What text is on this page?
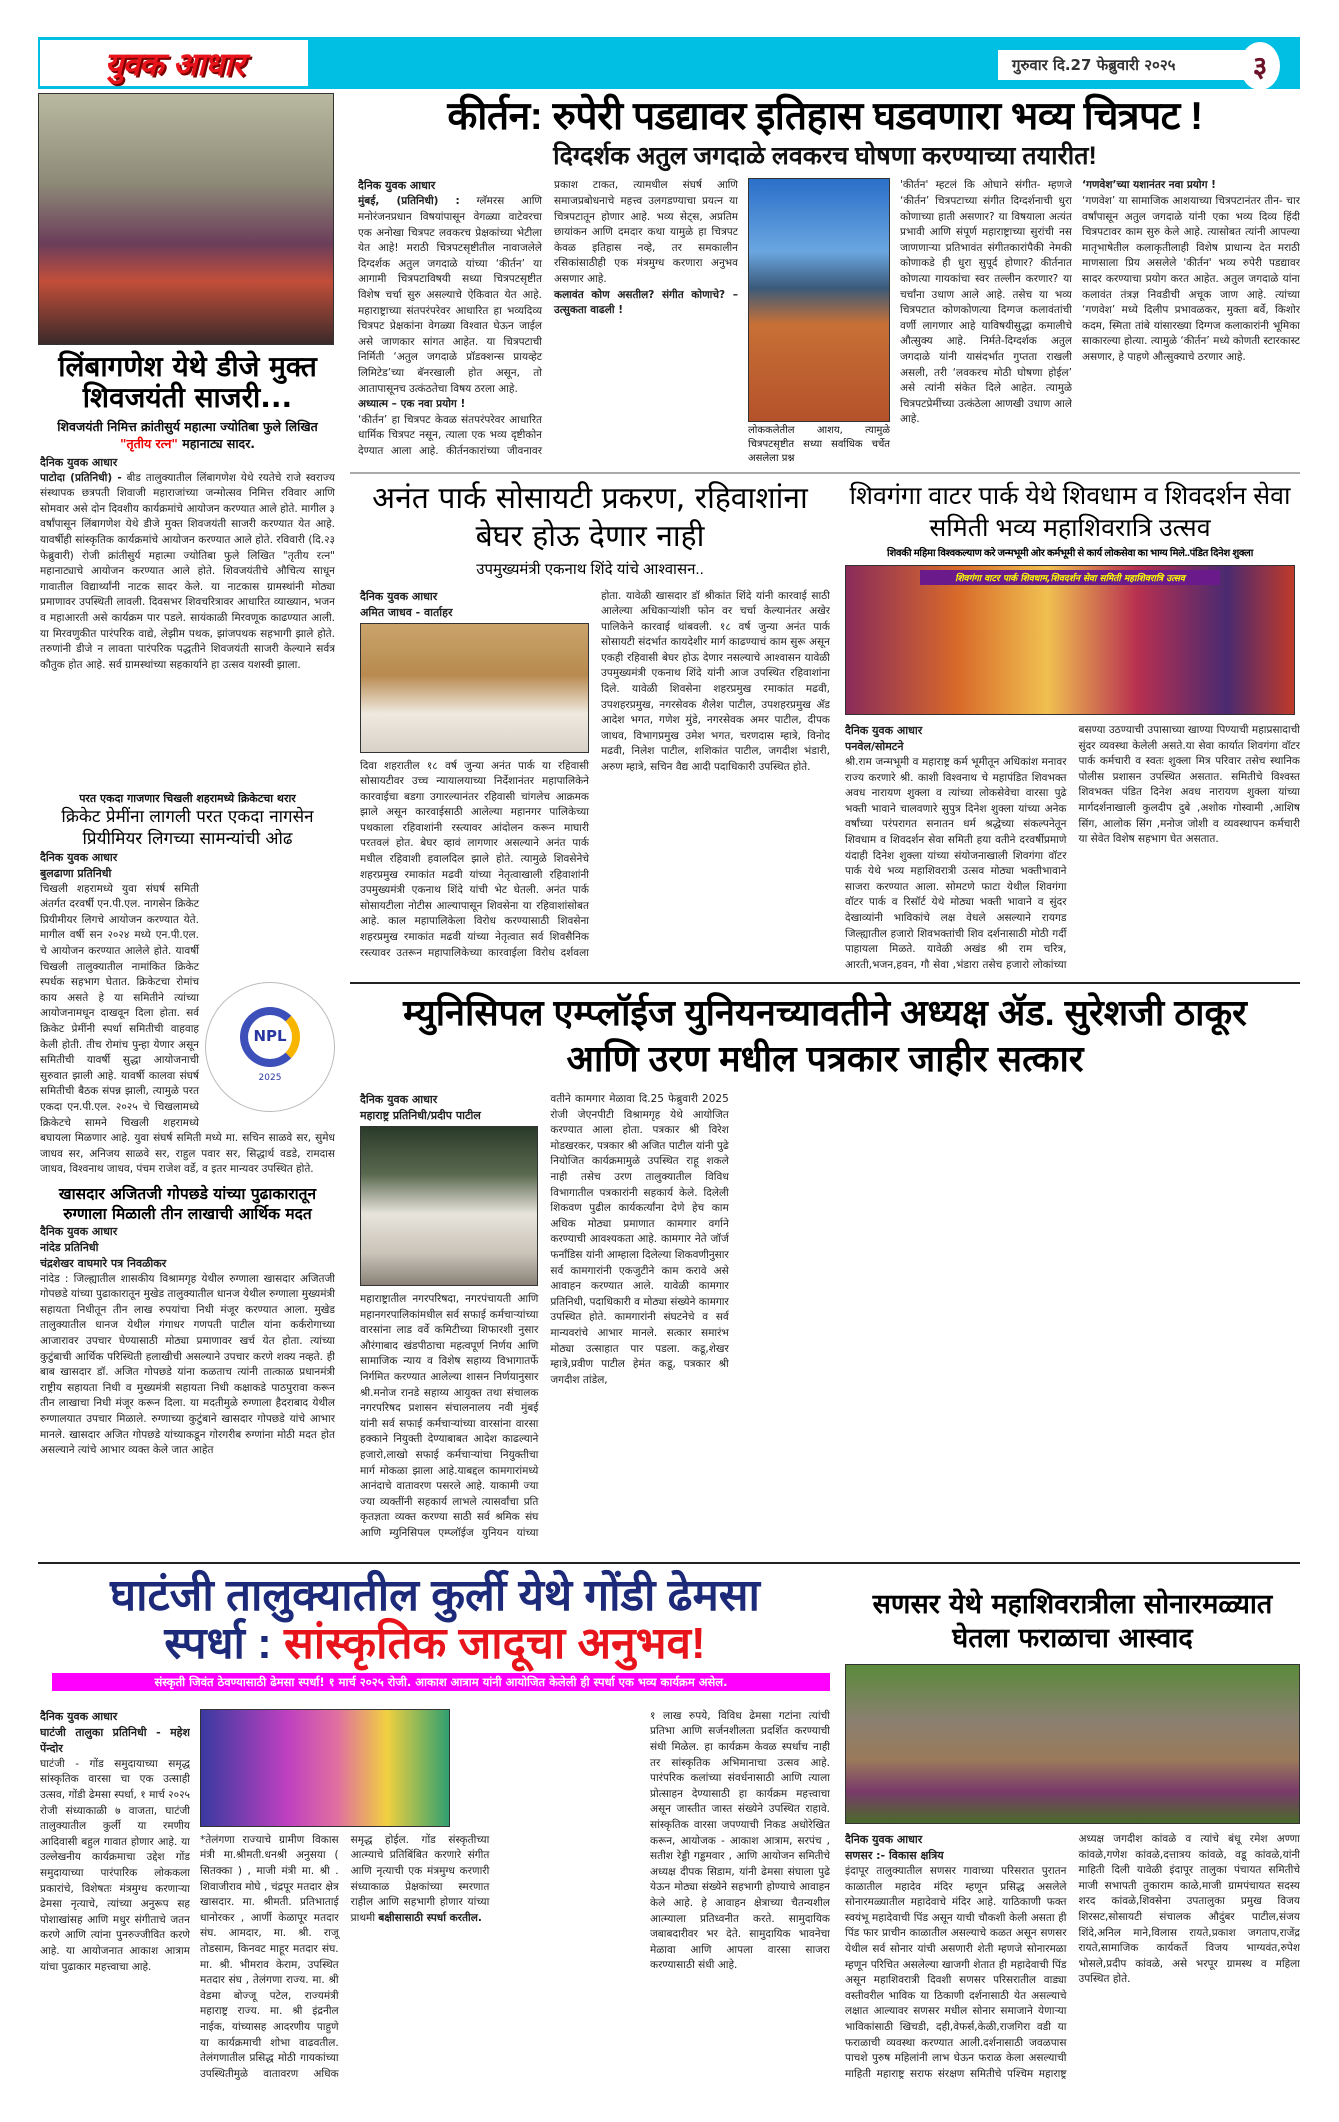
युवक आधार	गुरुवार दि.27 फेब्रुवारी २०२५	३
लिंबागणेश येथे डीजे मुक्त शिवजयंती साजरी...
शिवजयंती निमित्त क्रांतीसुर्य महात्मा ज्योतिबा फुले लिखित "तृतीय रत्न" महानाट्य सादर.
दैनिक युवक आधार
पाटोदा (प्रतिनिधी) - बीड तालुक्यातील लिंबागणेश येथे रयतेचे राजे स्वराज्य संस्थापक छत्रपती शिवाजी महाराजांच्या जन्मोत्सव निमित्त रविवार आणि सोमवार असे दोन दिवशीय कार्यक्रमांचे आयोजन करण्यात आले होते. मागील ३ वर्षांपासून लिंबागणेश येथे डीजे मुक्त शिवजयंती साजरी करण्यात येत आहे. यावर्षीही सांस्कृतिक कार्यक्रमांचे आयोजन करण्यात आले होते. रविवारी (दि.२३ फेब्रुवारी) रोजी क्रांतीसुर्य महात्मा ज्योतिबा फुले लिखित "तृतीय रत्न" महानाट्याचे आयोजन करण्यात आले होते. शिवजयंतीचे औचित्य साधून गावातील विद्यार्थ्यांनी नाटक सादर केले. या नाटकास ग्रामस्थांनी मोठ्या प्रमाणावर उपस्थिती लावली. दिवसभर शिवचरित्रावर आधारित व्याख्यान, भजन व महाआरती असे कार्यक्रम पार पडले. सायंकाळी मिरवणूक काढण्यात आली. या मिरवणुकीत पारंपरिक वाद्ये, लेझीम पथक, झांजपथक सहभागी झाले होते. तरुणांनी डीजे न लावता पारंपरिक पद्धतीने शिवजयंती साजरी केल्याने सर्वत्र कौतुक होत आहे. सर्व ग्रामस्थांच्या सहकार्याने हा उत्सव यशस्वी झाला.
परत एकदा गाजणार चिखली शहरामध्ये क्रिकेटचा थरार
क्रिकेट प्रेमींना लागली परत एकदा नागसेन प्रियीमियर लिगच्या सामन्यांची ओढ
दैनिक युवक आधार
बुलढाणा प्रतिनिधी
NPL
2025
चिखली शहरामध्ये युवा संघर्ष समिती अंतर्गत दरवर्षी एन.पी.एल. नागसेन क्रिकेट प्रियीमीयर लिगचे आयोजन करण्यात येते. मागील वर्षी सन २०२४ मध्ये एन.पी.एल. चे आयोजन करण्यात आलेले होते. यावर्षी चिखली तालुक्यातील नामांकित क्रिकेट स्पर्धक सहभाग घेतात. क्रिकेटचा रोमांच काय असते हे या समितीने त्यांच्या आयोजनामधून दाखवून दिला होता. सर्व क्रिकेट प्रेमींनी स्पर्धा समितीची वाहवाह केली होती. तीच रोमांच पुन्हा येणार असून समितीची यावर्षी सुद्धा आयोजनाची सुरुवात झाली आहे. यावर्षी कालवा संघर्ष समितीची बैठक संपन्न झाली, त्यामुळे परत एकदा एन.पी.एल. २०२५ चे चिखलामध्ये क्रिकेटचे सामने चिखली शहरामध्ये बघायला मिळणार आहे. युवा संघर्ष समिती मध्ये मा. सचिन साळवे सर, सुमेध जाधव सर, अनिजय साळवे सर, राहुल पवार सर, सिद्धार्थ वडडे, रामदास जाधव, विश्वनाथ जाधव, पंचम राजेश वर्डे, व इतर मान्यवर उपस्थित होते.
खासदार अजितजी गोपछडे यांच्या पुढाकारातून रुग्णाला मिळाली तीन लाखाची आर्थिक मदत
दैनिक युवक आधार
नांदेड प्रतिनिधी
चंद्रशेखर वाघमारे पत्र निवळीकर
नांदेड : जिल्ह्यातील शासकीय विश्रामगृह येथील रुग्णाला खासदार अजितजी गोपछडे यांच्या पुढाकारातून मुखेड तालुक्यातील धानज येथील रुग्णाला मुख्यमंत्री सहायता निधीतून तीन लाख रुपयांचा निधी मंजूर करण्यात आला. मुखेड तालुक्यातील धानज येथील गंगाधर गणपती पाटील यांना कर्करोगाच्या आजारावर उपचार घेण्यासाठी मोठ्या प्रमाणावर खर्च येत होता. त्यांच्या कुटुंबाची आर्थिक परिस्थिती हलाखीची असल्याने उपचार करणे शक्य नव्हते. ही बाब खासदार डॉ. अजित गोपछडे यांना कळताच त्यांनी तात्काळ प्रधानमंत्री राष्ट्रीय सहायता निधी व मुख्यमंत्री सहायता निधी कक्षाकडे पाठपुरावा करून तीन लाखाचा निधी मंजूर करून दिला. या मदतीमुळे रुग्णाला हैदराबाद येथील रुग्णालयात उपचार मिळाले. रुग्णाच्या कुटुंबाने खासदार गोपछडे यांचे आभार मानले. खासदार अजित गोपछडे यांच्याकडून गोरगरीब रुग्णांना मोठी मदत होत असल्याने त्यांचे आभार व्यक्त केले जात आहेत
कीर्तन: रुपेरी पडद्यावर इतिहास घडवणारा भव्य चित्रपट !
दिग्दर्शक अतुल जगदाळे लवकरच घोषणा करण्याच्या तयारीत!
दैनिक युवक आधार
मुंबई, (प्रतिनिधी) : ग्लॅमरस आणि मनोरंजनप्रधान विषयांपासून वेगळ्या वाटेवरचा एक अनोखा चित्रपट लवकरच प्रेक्षकांच्या भेटीला येत आहे! मराठी चित्रपटसृष्टीतील नावाजलेले दिग्दर्शक अतुल जगदाळे यांच्या ‘कीर्तन’ या आगामी चित्रपटाविषयी सध्या चित्रपटसृष्टीत विशेष चर्चा सुरु असल्याचे ऐकिवात येत आहे. महाराष्ट्राच्या संतपरंपरेवर आधारित हा भव्यदिव्य चित्रपट प्रेक्षकांना वेगळ्या विश्वात घेऊन जाईल असे जाणकार सांगत आहेत. या चित्रपटाची निर्मिती ‘अतुल जगदाळे प्रॉडक्शन्स प्रायव्हेट लिमिटेड’च्या बॅनरखाली होत असून, तो आतापासूनच उत्कंठतेचा विषय ठरला आहे.
अध्यात्म – एक नवा प्रयोग !
‘कीर्तन’ हा चित्रपट केवळ संतपरंपरेवर आधारित धार्मिक चित्रपट नसून, त्याला एक भव्य दृष्टीकोन देण्यात आला आहे. कीर्तनकारांच्या जीवनावर प्रकाश टाकत, त्यामधील संघर्ष आणि समाजप्रबोधनाचे महत्त्व उलगडण्याचा प्रयत्न या चित्रपटातून होणार आहे. भव्य सेट्स, अप्रतिम छायांकन आणि दमदार कथा यामुळे हा चित्रपट केवळ इतिहास नव्हे, तर समकालीन रसिकांसाठीही एक मंत्रमुग्ध करणारा अनुभव असणार आहे.
कलावंत कोण असतील? संगीत कोणाचे? – उत्सुकता वाढली !
लोककलेतील आशय, त्यामुळे चित्रपटसृष्टीत सध्या सर्वाधिक चर्चेत असलेला प्रश्न
'कीर्तन' म्हटलं कि ओघाने संगीत- म्हणजे ‘कीर्तन’ चित्रपटाच्या संगीत दिग्दर्शनाची धुरा कोणाच्या हाती असणार? या विषयाला अत्यंत प्रभावी आणि संपूर्ण महाराष्ट्राच्या सुरांची नस जाणणाऱ्या प्रतिभावंत संगीतकारांपैकी नेमकी कोणाकडे ही धुरा सुपूर्द होणार? कीर्तनात कोणत्या गायकांचा स्वर तल्लीन करणार? या चर्चांना उधाण आले आहे. तसेच या भव्य चित्रपटात कोणकोणत्या दिग्गज कलावंतांची वर्णी लागणार आहे याविषयीसुद्धा कमालीचे औत्सुक्य आहे. निर्मते-दिग्दर्शक अतुल जगदाळे यांनी यासंदर्भात गुप्तता राखली असली, तरी ‘लवकरच मोठी घोषणा होईल’ असे त्यांनी संकेत दिले आहेत. त्यामुळे चित्रपटप्रेमींच्या उत्कंठेला आणखी उधाण आले आहे.
‘गणवेश’च्या यशानंतर नवा प्रयोग !
‘गणवेश’ या सामाजिक आशयाच्या चित्रपटानंतर तीन- चार वर्षांपासून अतुल जगदाळे यांनी एका भव्य दिव्य हिंदी चित्रपटावर काम सुरु केले आहे. त्यासोबत त्यांनी आपल्या मातृभाषेतील कलाकृतीलाही विशेष प्राधान्य देत मराठी माणसाला प्रिय असलेले 'कीर्तन' भव्य रुपेरी पडद्यावर सादर करण्याचा प्रयोग करत आहेत. अतुल जगदाळे यांना कलावंत तंत्रज्ञ निवडीची अचूक जाण आहे. त्यांच्या ‘गणवेश’ मध्ये दिलीप प्रभावळकर, मुक्ता बर्वे, किशोर कदम, स्मिता तांबे यांसारख्या दिग्गज कलाकारांनी भूमिका साकारल्या होत्या. त्यामुळे ‘कीर्तन’ मध्ये कोणती स्टारकास्ट असणार, हे पाहणे औत्सुक्याचे ठरणार आहे.
अनंत पार्क सोसायटी प्रकरण, रहिवाशांना बेघर होऊ देणार नाही
उपमुख्यमंत्री एकनाथ शिंदे यांचे आश्वासन..
दैनिक युवक आधार
अमित जाधव - वार्ताहर
दिवा शहरातील १८ वर्ष जुन्या अनंत पार्क या रहिवासी सोसायटीवर उच्च न्यायालयाच्या निर्देशानंतर महापालिकेने कारवाईचा बडगा उगारल्यानंतर रहिवासी चांगलेच आक्रमक झाले असून कारवाईसाठी आलेल्या महानगर पालिकेच्या पथकाला रहिवाशांनी रस्त्यावर आंदोलन करून माघारी परतवलं होत. बेघर व्हावं लागणार असल्याने अनंत पार्क मधील रहिवाशी हवालदिल झाले होते. त्यामुळे शिवसेनेचे शहरप्रमुख रमाकांत मढवी यांच्या नेतृत्वाखाली रहिवाशांनी उपमुख्यमंत्री एकनाथ शिंदे यांची भेट घेतली. अनंत पार्क सोसायटीला नोटीस आल्यापासून शिवसेना या रहिवाशांसोबत आहे. काल महापालिकेला विरोध करण्यासाठी शिवसेना शहरप्रमुख रमाकांत मढवी यांच्या नेतृत्वात सर्व शिवसैनिक रस्त्यावर उतरून महापालिकेच्या कारवाईला विरोध दर्शवला होता. यावेळी खासदार डॉ श्रीकांत शिंदे यांनी कारवाई साठी आलेल्या अधिकाऱ्यांशी फोन वर चर्चा केल्यानंतर अखेर पालिकेने कारवाई थांबवली. १८ वर्ष जुन्या अनंत पार्क सोसायटी संदर्भात कायदेशीर मार्ग काढण्याचं काम सुरू असून एकही रहिवासी बेघर होऊ देणार नसल्याचे आश्वासन यावेळी उपमुख्यमंत्री एकनाथ शिंदे यांनी आज उपस्थित रहिवाशांना दिले. यावेळी शिवसेना शहरप्रमुख रमाकांत मढवी, उपशहरप्रमुख, नगरसेवक शैलेश पाटील, उपशहरप्रमुख ॲड आदेश भगत, गणेश मुंडे, नगरसेवक अमर पाटील, दीपक जाधव, विभागप्रमुख उमेश भगत, चरणदास म्हात्रे, विनोद मढवी, निलेश पाटील, शशिकांत पाटील, जगदीश भंडारी, अरुण म्हात्रे, सचिन वैद्य आदी पदाधिकारी उपस्थित होते.
शिवगंगा वाटर पार्क येथे शिवधाम व शिवदर्शन सेवा समिती भव्य महाशिवरात्रि उत्सव
शिवकी महिमा विश्वकल्याण करे जन्मभूमी ओर कर्मभूमी से कार्य लोकसेवा का भाग्य मिले..पंडित दिनेश शुक्ला
शिवगंगा वाटर पार्क शिवधाम,शिवदर्शन सेवा समिती महाशिवरात्रि उत्सव
दैनिक युवक आधार
पनवेल/सोमटने
श्री.राम जन्मभूमी व महाराष्ट्र कर्म भूमीतून अधिकांश मनावर राज्य करणारे श्री. काशी विश्वनाथ चे महापंडित शिवभक्त अवध नारायण शुक्ला व त्यांच्या लोकसेवेचा वारसा पुढे भक्ती भावाने चालवणारे सुपुत्र दिनेश शुक्ला यांच्या अनेक वर्षांच्या परंपरागत सनातन धर्म श्रद्धेच्या संकल्पनेतून शिवधाम व शिवदर्शन सेवा समिती हया वतीने दरवर्षीप्रमाणे यंदाही दिनेश शुक्ला यांच्या संयोजनाखाली शिवगंगा वॉटर पार्क येथे भव्य महाशिवरात्री उत्सव मोठ्या भक्तीभावाने साजरा करण्यात आला. सोमटणे फाटा येथील शिवगंगा वॉटर पार्क व रिसॉर्ट येथे मोठ्या भक्ती भावाने व सुंदर देखाव्यांनी भाविकांचे लक्ष वेधले असल्याने रायगड जिल्ह्यातील हजारो शिवभक्तांची शिव दर्शनासाठी मोठी गर्दी पाहायला मिळते. यावेळी अखंड श्री राम चरित्र, आरती,भजन,हवन, गौ सेवा ,भंडारा तसेच हजारो लोकांच्या बसण्या उठण्याची उपासाच्या खाण्या पिण्याची महाप्रसादाची सुंदर व्यवस्था केलेली असते.या सेवा कार्यात शिवगंगा वॉटर पार्क कर्मचारी व स्वतः शुक्ला मित्र परिवार तसेच स्थानिक पोलीस प्रशासन उपस्थित असतात. समितीचे विश्वस्त शिवभक्त पंडित दिनेश अवध नारायण शुक्ला यांच्या मार्गदर्शनाखाली कुलदीप दुबे ,अशोक गोस्वामी ,आशिष सिंग, आलोक सिंग ,मनोज जोशी व व्यवस्थापन कर्मचारी या सेवेत विशेष सहभाग घेत असतात.
म्युनिसिपल एम्प्लॉईज युनियनच्यावतीने अध्यक्ष ॲड. सुरेशजी ठाकूर आणि उरण मधील पत्रकार जाहीर सत्कार
दैनिक युवक आधार
महाराष्ट्र प्रतिनिधी/प्रदीप पाटील
महाराष्ट्रातील नगरपरिषदा, नगरपंचायती आणि महानगरपालिकांमधील सर्व सफाई कर्मचाऱ्यांच्या वारसांना लाड वर्वे कमिटीच्या शिफारशी नुसार औरंगाबाद खंडपीठाचा महत्वपूर्ण निर्णय आणि सामाजिक न्याय व विशेष सहाय्य विभागातर्फे निर्गमित करण्यात आलेल्या शासन निर्णयानुसार श्री.मनोज रानडे सहाय्य आयुक्त तथा संचालक नगरपरिषद प्रशासन संचालनालय नवी मुंबई यांनी सर्व सफाई कर्मचाऱ्यांच्या वारसांना वारसा हक्काने नियुक्ती देण्याबाबत आदेश काढल्याने हजारो,लाखो सफाई कर्मचाऱ्यांचा नियुक्तीचा मार्ग मोकळा झाला आहे.याबद्दल कामगारांमध्ये आनंदाचे वातावरण पसरले आहे. याकामी ज्या ज्या व्यक्तींनी सहकार्य लाभले त्यासर्वांचा प्रति कृतज्ञता व्यक्त करण्या साठी सर्व श्रमिक संघ आणि म्युनिसिपल एम्प्लॉईज युनियन यांच्या वतीने कामगार मेळावा दि.25 फेब्रुवारी 2025 रोजी जेएनपीटी विश्रामगृह येथे आयोजित करण्यात आला होता. पत्रकार श्री विरेश मोडखरकर, पत्रकार श्री अजित पाटील यांनी पुढे नियोजित कार्यक्रमामुळे उपस्थित राहू शकले नाही तसेच उरण तालुक्यातील विविध विभागातील पत्रकारांनी सहकार्य केले. दिलेली शिकवण पुढील कार्यकर्त्यांना देणे हेच काम अधिक मोठ्या प्रमाणात कामगार वर्गाने करण्याची आवश्यकता आहे. कामगार नेते जॉर्ज फर्नांडिस यांनी आम्हाला दिलेल्या शिकवणीनुसार सर्व कामगारांनी एकजुटीने काम करावे असे आवाहन करण्यात आले. यावेळी कामगार प्रतिनिधी, पदाधिकारी व मोठ्या संख्येने कामगार उपस्थित होते. कामगारांनी संघटनेचे व सर्व मान्यवरांचे आभार मानले. सत्कार समारंभ मोठ्या उत्साहात पार पडला. कडू,शेखर म्हात्रे,प्रवीण पाटील हेमंत कडू, पत्रकार श्री जगदीश तांडेल,
घाटंजी तालुक्यातील कुर्ली येथे गोंडी ढेमसा
स्पर्धा : सांस्कृतिक जादूचा अनुभव!
संस्कृती जिवंत ठेवण्यासाठी ढेमसा स्पर्धा! १ मार्च २०२५ रोजी. आकाश आत्राम यांनी आयोजित केलेली ही स्पर्धा एक भव्य कार्यक्रम असेल.
दैनिक युवक आधार
घाटंजी तालुका प्रतिनिधी - महेश पेंन्दोर
घाटंजी - गोंड समुदायाच्या समृद्ध सांस्कृतिक वारसा चा एक उत्साही उत्सव, गोंडी ढेमसा स्पर्धा, १ मार्च २०२५ रोजी संध्याकाळी ७ वाजता, घाटंजी तालुक्यातील कुर्ली या रमणीय आदिवासी बहुल गावात होणार आहे. या उल्लेखनीय कार्यक्रमाचा उद्देश गोंड समुदायाच्या पारंपारिक लोककला प्रकारांचे, विशेषतः मंत्रमुग्ध करणाऱ्या ढेमसा नृत्याचे, त्यांच्या अनुरूप सह पोशाखांसह आणि मधुर संगीताचे जतन करणे आणि त्यांना पुनरुज्जीवित करणे आहे. या आयोजनात आकाश आत्राम यांचा पुढाकार महत्त्वाचा आहे.
*तेलंगणा राज्याचे ग्रामीण विकास मंत्री मा.श्रीमती.धनश्री अनुसया ( सितक्का ) , माजी मंत्री मा. श्री . शिवाजीराव मोघे , चंद्रपूर मतदार क्षेत्र खासदार. मा. श्रीमती. प्रतिभाताई धानोरकर , आर्णी केळापूर मतदार संघ. आमदार, मा. श्री. राजू तोडसाम, किनवट माहूर मतदार संघ. मा. श्री. भीमराव केराम, उपस्थित मतदार संघ , तेलंगणा राज्य. मा. श्री वेडमा बोज्जू पटेल, राज्यमंत्री महाराष्ट्र राज्य. मा. श्री इंद्रनील नाईक, यांच्यासह आदरणीय पाहुणे या कार्यक्रमाची शोभा वाढवतील. तेलंगणातील प्रसिद्ध मोठी गायकांच्या उपस्थितीमुळे वातावरण अधिक समृद्ध होईल. गोंड संस्कृतीच्या आत्म्याचे प्रतिबिंबित करणारे संगीत आणि नृत्याची एक मंत्रमुग्ध करणारी संध्याकाळ प्रेक्षकांच्या स्मरणात राहील आणि सहभागी होणार यांच्या प्राथमी बक्षीसासाठी स्पर्धा करतील.
१ लाख रुपये, विविध ढेमसा गटांना त्यांची प्रतिभा आणि सर्जनशीलता प्रदर्शित करण्याची संधी मिळेल. हा कार्यक्रम केवळ स्पर्धाच नाही तर सांस्कृतिक अभिमानाचा उत्सव आहे. पारंपरिक कलांच्या संवर्धनासाठी आणि त्याला प्रोत्साहन देण्यासाठी हा कार्यक्रम महत्त्वाचा असून जास्तीत जास्त संख्येने उपस्थित राहावे. सांस्कृतिक वारसा जपण्याची निकड अधोरेखित करून, आयोजक - आकाश आत्राम, सरपंच , सतीश रेड्डी गड्डमवार , आणि आयोजन समितीचे अध्यक्ष दीपक सिडाम, यांनी ढेमसा संघाला पुढे येऊन मोठ्या संख्येने सहभागी होण्याचे आवाहन केले आहे. हे आवाहन क्षेत्राच्या चैतन्यशील आत्म्याला प्रतिध्वनीत करते. सामुदायिक जबाबदारीवर भर देते. सामुदायिक भावनेचा मेळावा आणि आपला वारसा साजरा करण्यासाठी संधी आहे.
सणसर येथे महाशिवरात्रीला सोनारमळ्यात घेतला फराळाचा आस्वाद
दैनिक युवक आधार
सणसर :- विकास क्षत्रिय
इंदापूर तालुक्यातील सणसर गावाच्या परिसरात पुरातन काळातील महादेव मंदिर म्हणून प्रसिद्ध असलेले सोनारमळ्यातील महादेवाचे मंदिर आहे. याठिकाणी फक्त स्वयंभू महादेवाची पिंड असून याची चौकशी केली असता ही पिंड फार प्राचीन काळातील असल्याचे कळत असून सणसर येथील सर्व सोनार यांची असणारी शेती म्हणजे सोनारमळा म्हणून परिचित असलेल्या खाजगी शेतात ही महादेवाची पिंड असून महाशिवरात्री दिवशी सणसर परिसरातील वाड्या वस्तीवरील भाविक या ठिकाणी दर्शनासाठी येत असल्याचे लक्षात आल्यावर सणसर मधील सोनार समाजाने येणाऱ्या भाविकांसाठी खिचडी, दही,वेफर्स,केळी,राजगिरा वडी या फराळाची व्यवस्था करण्यात आली.दर्शनासाठी जवळपास पाचशे पुरुष महिलांनी लाभ घेऊन फराळ केला असल्याची माहिती महाराष्ट्र सराफ संरक्षण समितीचे पश्चिम महाराष्ट्र अध्यक्ष जगदीश कांवळे व त्यांचे बंधू रमेश अण्णा कांवळे,गणेश कांवळे,दत्तात्रय कांवळे, वडू कांवळे,यांनी माहिती दिली यावेळी इंदापूर तालुका पंचायत समितीचे माजी सभापती तुकाराम काळे,माजी ग्रामपंचायत सदस्य शरद कांवळे,शिवसेना उपतालुका प्रमुख विजय शिरसट,सोसायटी संचालक औदुंबर पाटील,संजय शिंदे,अनिल माने,विलास रायते,प्रकाश जगताप,राजेंद्र रायते,सामाजिक कार्यकर्ते विजय भाग्यवंत,रुपेश भोसले,प्रदीप कांवळे, असे भरपूर ग्रामस्थ व महिला उपस्थित होते.
